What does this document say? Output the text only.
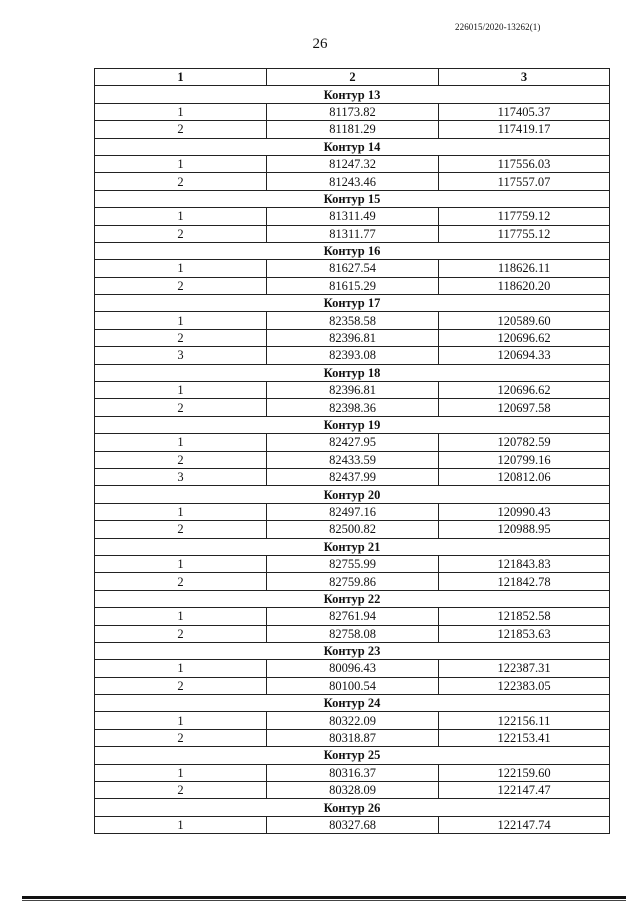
226015/2020-13262(1)
26
1	2	3
Контур 13		
1	81173.82	117405.37
2	81181.29	117419.17
Контур 14		
1	81247.32	117556.03
2	81243.46	117557.07
Контур 15		
1	81311.49	117759.12
2	81311.77	117755.12
Контур 16		
1	81627.54	118626.11
2	81615.29	118620.20
Контур 17		
1	82358.58	120589.60
2	82396.81	120696.62
3	82393.08	120694.33
Контур 18		
1	82396.81	120696.62
2	82398.36	120697.58
Контур 19		
1	82427.95	120782.59
2	82433.59	120799.16
3	82437.99	120812.06
Контур 20		
1	82497.16	120990.43
2	82500.82	120988.95
Контур 21		
1	82755.99	121843.83
2	82759.86	121842.78
Контур 22		
1	82761.94	121852.58
2	82758.08	121853.63
Контур 23		
1	80096.43	122387.31
2	80100.54	122383.05
Контур 24		
1	80322.09	122156.11
2	80318.87	122153.41
Контур 25		
1	80316.37	122159.60
2	80328.09	122147.47
Контур 26		
1	80327.68	122147.74
